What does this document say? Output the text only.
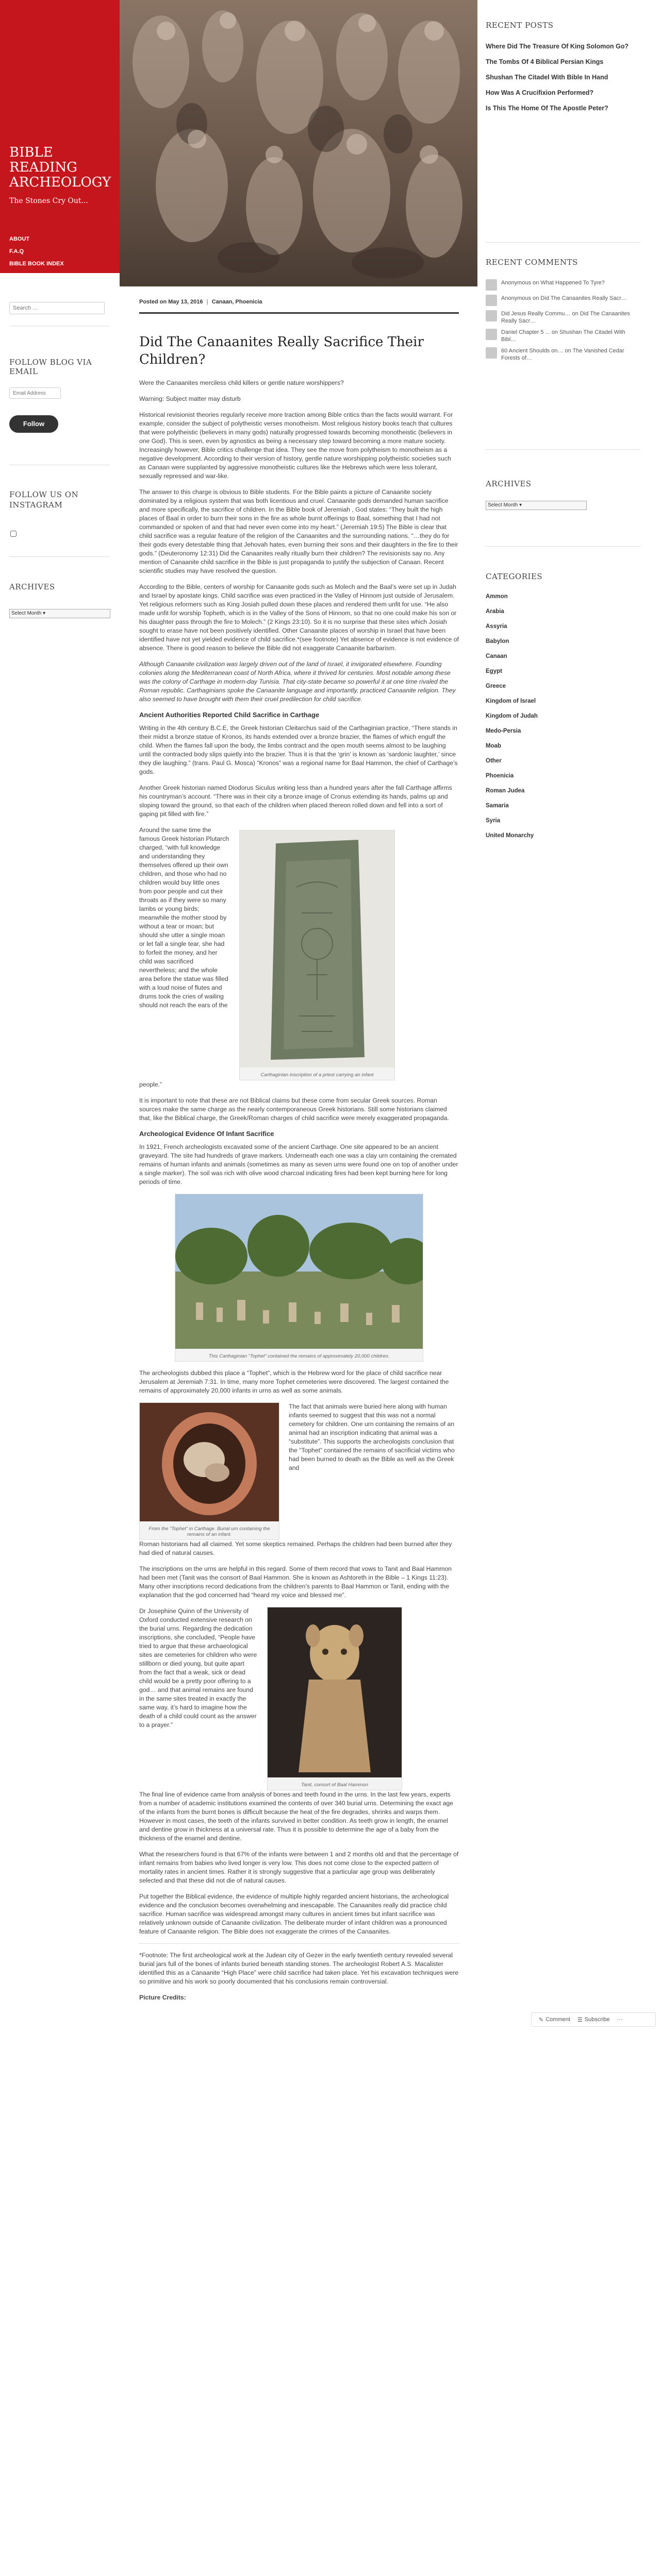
BIBLE READING ARCHEOLOGY
The Stones Cry Out...
ABOUT
F.A.Q
BIBLE BOOK INDEX
Search …
FOLLOW BLOG VIA EMAIL
Email Address
Follow
FOLLOW US ON INSTAGRAM
ARCHIVES
Select Month ▾
Posted on May 13, 2016 | Canaan, Phoenicia
Did The Canaanites Really Sacrifice Their Children?

Were the Canaanites merciless child killers or gentle nature worshippers?

Warning: Subject matter may disturb

Historical revisionist theories regularly receive more traction among Bible critics than the facts would warrant. For example, consider the subject of polytheistic verses monotheism. Most religious history books teach that cultures that were polytheistic (believers in many gods) naturally progressed towards becoming monotheistic (believers in one God). This is seen, even by agnostics as being a necessary step toward becoming a more mature society. Increasingly however, Bible critics challenge that idea. They see the move from polytheism to monotheism as a negative development. According to their version of history, gentle nature worshipping polytheistic societies such as Canaan were supplanted by aggressive monotheistic cultures like the Hebrews which were less tolerant, sexually repressed and war-like.

The answer to this charge is obvious to Bible students. For the Bible paints a picture of Canaanite society dominated by a religious system that was both licentious and cruel. Canaanite gods demanded human sacrifice and more specifically, the sacrifice of children. In the Bible book of Jeremiah , God states: “They built the high places of Baal in order to burn their sons in the fire as whole burnt offerings to Baal, something that I had not commanded or spoken of and that had never even come into my heart.” (Jeremiah 19:5) The Bible is clear that child sacrifice was a regular feature of the religion of the Canaanites and the surrounding nations. “…they do for their gods every detestable thing that Jehovah hates, even burning their sons and their daughters in the fire to their gods.” (Deuteronomy 12:31) Did the Canaanites really ritually burn their children? The revisionists say no. Any mention of Canaanite child sacrifice in the Bible is just propaganda to justify the subjection of Canaan. Recent scientific studies may have resolved the question.

According to the Bible, centers of worship for Canaanite gods such as Molech and the Baal’s were set up in Judah and Israel by apostate kings. Child sacrifice was even practiced in the Valley of Hinnom just outside of Jerusalem. Yet religious reformers such as King Josiah pulled down these places and rendered them unfit for use. “He also made unfit for worship Topheth, which is in the Valley of the Sons of Hinnom, so that no one could make his son or his daughter pass through the fire to Molech.” (2 Kings 23:10). So it is no surprise that these sites which Josiah sought to erase have not been positively identified. Other Canaanite places of worship in Israel that have been identified have not yet yielded evidence of child sacrifice.*(see footnote) Yet absence of evidence is not evidence of absence. There is good reason to believe the Bible did not exaggerate Canaanite barbarism.

Although Canaanite civilization was largely driven out of the land of Israel, it invigorated elsewhere. Founding colonies along the Mediterranean coast of North Africa, where it thrived for centuries. Most notable among these was the colony of Carthage in modern-day Tunisia. That city-state became so powerful it at one time rivaled the Roman republic. Carthaginians spoke the Canaanite language and importantly, practiced Canaanite religion. They also seemed to have brought with them their cruel predilection for child sacrifice.

Ancient Authorities Reported Child Sacrifice in Carthage

Writing in the 4th century B.C.E, the Greek historian Cleitarchus said of the Carthaginian practice, “There stands in their midst a bronze statue of Kronos, its hands extended over a bronze brazier, the flames of which engulf the child. When the flames fall upon the body, the limbs contract and the open mouth seems almost to be laughing until the contracted body slips quietly into the brazier. Thus it is that the ‘grin’ is known as ‘sardonic laughter,’ since they die laughing.” (trans. Paul G. Mosca) “Kronos” was a regional name for Baal Hammon, the chief of Carthage’s gods.

Another Greek historian named Diodorus Siculus writing less than a hundred years after the fall Carthage affirms his countryman’s account. “There was in their city a bronze image of Cronus extending its hands, palms up and sloping toward the ground, so that each of the children when placed thereon rolled down and fell into a sort of gaping pit filled with fire.”

Around the same time the famous Greek historian Plutarch charged, “with full knowledge and understanding they themselves offered up their own children, and those who had no children would buy little ones from poor people and cut their throats as if they were so many lambs or young birds; meanwhile the mother stood by without a tear or moan; but should she utter a single moan or let fall a single tear, she had to forfeit the money, and her child was sacrificed nevertheless; and the whole area before the statue was filled with a loud noise of flutes and drums took the cries of wailing should not reach the ears of the

Carthaginian inscription of a priest carrying an infant

people.”

It is important to note that these are not Biblical claims but these come from secular Greek sources. Roman sources make the same charge as the nearly contemporaneous Greek historians. Still some historians claimed that, like the Biblical charge, the Greek/Roman charges of child sacrifice were merely exaggerated propaganda.

Archeological Evidence Of Infant Sacrifice

In 1921, French archeologists excavated some of the ancient Carthage. One site appeared to be an ancient graveyard. The site had hundreds of grave markers. Underneath each one was a clay urn containing the cremated remains of human infants and animals (sometimes as many as seven urns were found one on top of another under a single marker). The soil was rich with olive wood charcoal indicating fires had been kept burning here for long periods of time.

This Carthaginian “Tophet” contained the remains of approximately 20,000 children.

The archeologists dubbed this place a “Tophet”, which is the Hebrew word for the place of child sacrifice near Jerusalem at Jeremiah 7:31. In time, many more Tophet cemeteries were discovered. The largest contained the remains of approximately 20,000 infants in urns as well as some animals.

From the “Tophet” in Carthage. Burial urn containing the remains of an infant.

The fact that animals were buried here along with human infants seemed to suggest that this was not a normal cemetery for children. One urn containing the remains of an animal had an inscription indicating that animal was a “substitute”. This supports the archeologists conclusion that the “Tophet” contained the remains of sacrificial victims who had been burned to death as the Bible as well as the Greek and

Roman historians had all claimed. Yet some skeptics remained. Perhaps the children had been burned after they had died of natural causes.

The inscriptions on the urns are helpful in this regard. Some of them record that vows to Tanit and Baal Hammon had been met (Tanit was the consort of Baal Hammon. She is known as Ashtoreth in the Bible – 1 Kings 11:23). Many other inscriptions record dedications from the children’s parents to Baal Hammon or Tanit, ending with the explanation that the god concerned had “heard my voice and blessed me”.

Dr Josephine Quinn of the University of Oxford conducted extensive research on the burial urns. Regarding the dedication inscriptions, she concluded, “People have tried to argue that these archaeological sites are cemeteries for children who were stillborn or died young, but quite apart from the fact that a weak, sick or dead child would be a pretty poor offering to a god… and that animal remains are found in the same sites treated in exactly the same way, it’s hard to imagine how the death of a child could count as the answer to a prayer.”

Tanit, consort of Baal Hammon

The final line of evidence came from analysis of bones and teeth found in the urns. In the last few years, experts from a number of academic institutions examined the contents of over 340 burial urns. Determining the exact age of the infants from the burnt bones is difficult because the heat of the fire degrades, shrinks and warps them. However in most cases, the teeth of the infants survived in better condition. As teeth grow in length, the enamel and dentine grow in thickness at a universal rate. Thus it is possible to determine the age of a baby from the thickness of the enamel and dentine.

What the researchers found is that 67% of the infants were between 1 and 2 months old and that the percentage of infant remains from babies who lived longer is very low. This does not come close to the expected pattern of mortality rates in ancient times. Rather it is strongly suggestive that a particular age group was deliberately selected and that these did not die of natural causes.

Put together the Biblical evidence, the evidence of multiple highly regarded ancient historians, the archeological evidence and the conclusion becomes overwhelming and inescapable. The Canaanites really did practice child sacrifice. Human sacrifice was widespread amongst many cultures in ancient times but infant sacrifice was relatively unknown outside of Canaanite civilization. The deliberate murder of infant children was a pronounced feature of Canaanite religion. The Bible does not exaggerate the crimes of the Canaanites.

*Footnote: The first archeological work at the Judean city of Gezer in the early twentieth century revealed several burial jars full of the bones of infants buried beneath standing stones. The archeologist Robert A.S. Macalister identified this as a Canaanite “High Place” were child sacrifice had taken place. Yet his excavation techniques were so primitive and his work so poorly documented that his conclusions remain controversial.

Picture Credits:

RECENT POSTS
Where Did The Treasure Of King Solomon Go?
The Tombs Of 4 Biblical Persian Kings
Shushan The Citadel With Bible In Hand
How Was A Crucifixion Performed?
Is This The Home Of The Apostle Peter?
RECENT COMMENTS
Anonymous on What Happened To Tyre?
Anonymous on Did The Canaanites Really Sacr…
Did Jesus Really Commu… on Did The Canaanites Really Sacr…
Daniel Chapter 5 ... on Shushan The Citadel With Bibl…
60 Ancient Shoulds on… on The Vanished Cedar Forests of…
ARCHIVES
Select Month ▾
CATEGORIES
Ammon
Arabia
Assyria
Babylon
Canaan
Egypt
Greece
Kingdom of Israel
Kingdom of Judah
Medo-Persia
Moab
Other
Phoenicia
Roman Judea
Samaria
Syria
United Monarchy
✎ Comment ☰ Subscribe ···
